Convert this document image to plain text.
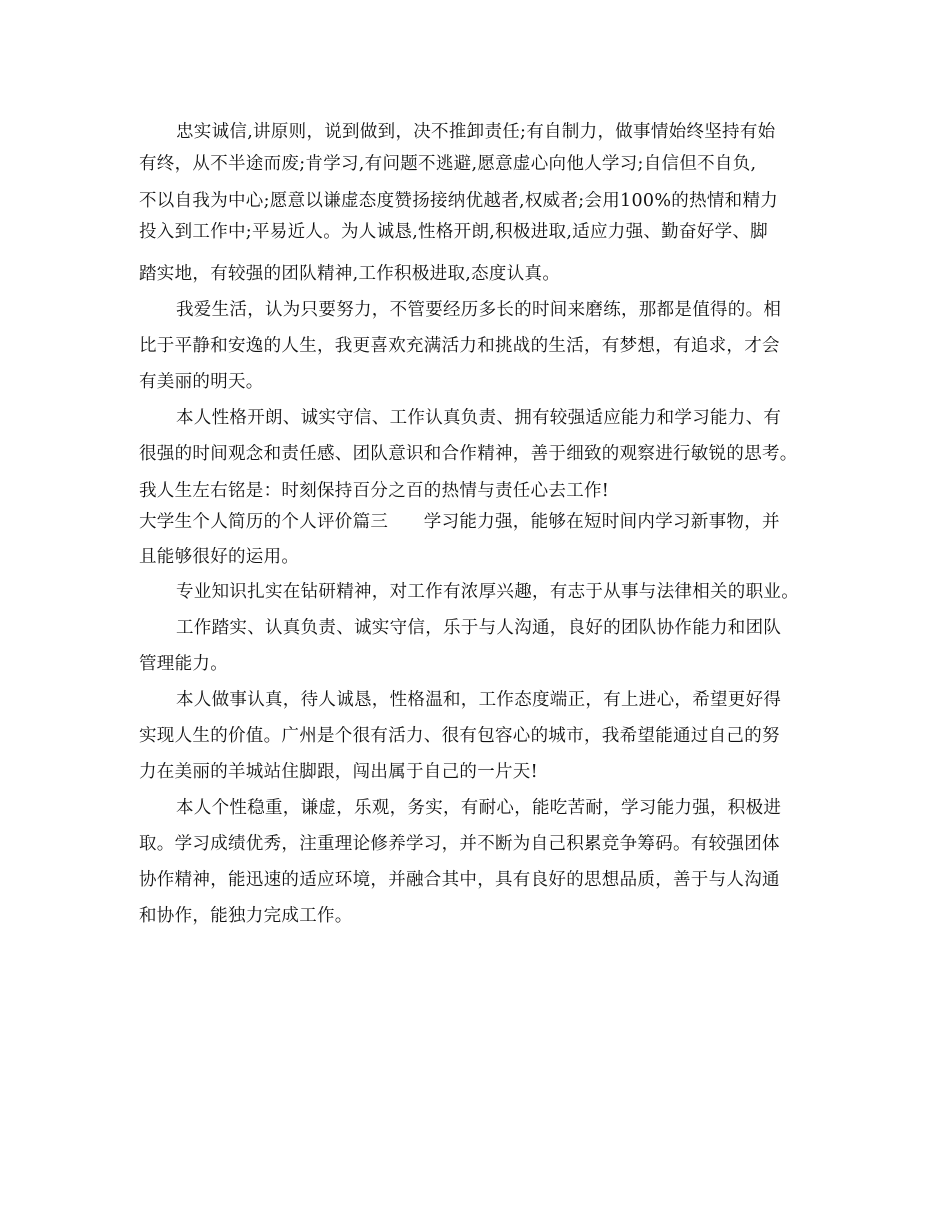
忠实诚信,讲原则，说到做到，决不推卸责任;有自制力，做事情始终坚持有始
有终，从不半途而废;肯学习,有问题不逃避,愿意虚心向他人学习;自信但不自负,
不以自我为中心;愿意以谦虚态度赞扬接纳优越者,权威者;会用100%的热情和精力
投入到工作中;平易近人。为人诚恳,性格开朗,积极进取,适应力强、勤奋好学、脚
踏实地，有较强的团队精神,工作积极进取,态度认真。
我爱生活，认为只要努力，不管要经历多长的时间来磨练，那都是值得的。相
比于平静和安逸的人生，我更喜欢充满活力和挑战的生活，有梦想，有追求，才会
有美丽的明天。
本人性格开朗、诚实守信、工作认真负责、拥有较强适应能力和学习能力、有
很强的时间观念和责任感、团队意识和合作精神，善于细致的观察进行敏锐的思考。
我人生左右铭是：时刻保持百分之百的热情与责任心去工作!
大学生个人简历的个人评价篇三　　学习能力强，能够在短时间内学习新事物，并
且能够很好的运用。
专业知识扎实在钻研精神，对工作有浓厚兴趣，有志于从事与法律相关的职业。
工作踏实、认真负责、诚实守信，乐于与人沟通，良好的团队协作能力和团队
管理能力。
本人做事认真，待人诚恳，性格温和，工作态度端正，有上进心，希望更好得
实现人生的价值。广州是个很有活力、很有包容心的城市，我希望能通过自己的努
力在美丽的羊城站住脚跟，闯出属于自己的一片天!
本人个性稳重，谦虚，乐观，务实，有耐心，能吃苦耐，学习能力强，积极进
取。学习成绩优秀，注重理论修养学习，并不断为自己积累竞争筹码。有较强团体
协作精神，能迅速的适应环境，并融合其中，具有良好的思想品质，善于与人沟通
和协作，能独力完成工作。
